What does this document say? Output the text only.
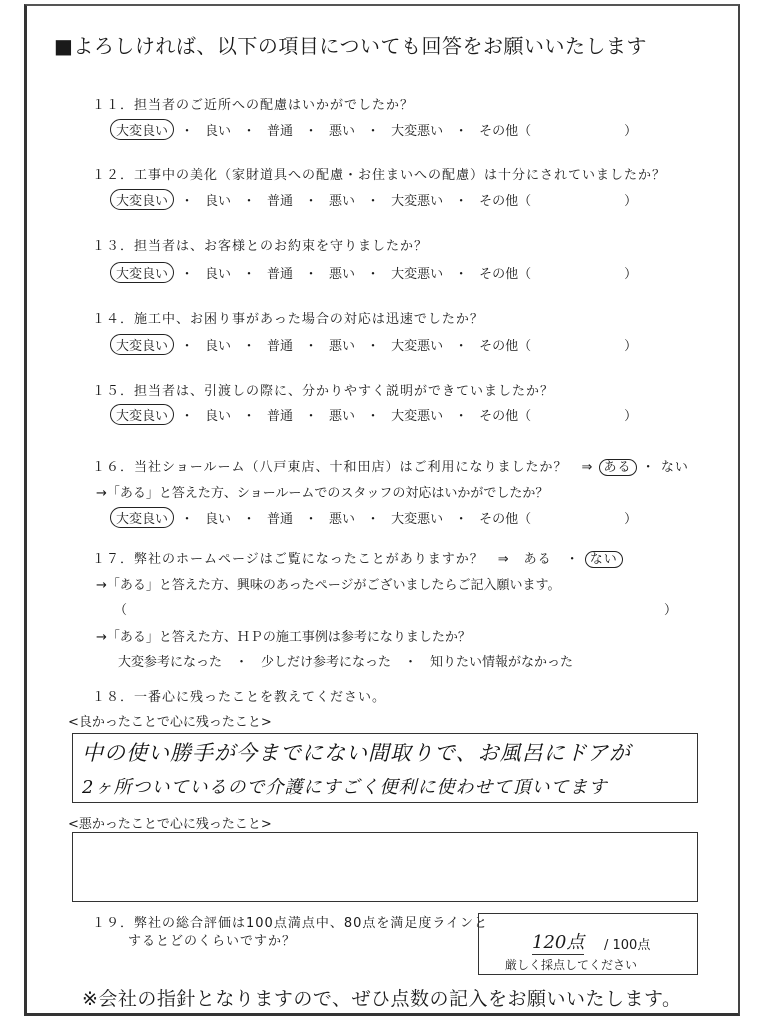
■よろしければ、以下の項目についても回答をお願いいたします
１１．担当者のご近所への配慮はいかがでしたか？
大変良い ・ 良い ・ 普通 ・ 悪い ・ 大変悪い ・ その他（	）
１２．工事中の美化（家財道具への配慮・お住まいへの配慮）は十分にされていましたか？
大変良い ・ 良い ・ 普通 ・ 悪い ・ 大変悪い ・ その他（	）
１３．担当者は、お客様とのお約束を守りましたか？
大変良い ・ 良い ・ 普通 ・ 悪い ・ 大変悪い ・ その他（	）
１４．施工中、お困り事があった場合の対応は迅速でしたか？
大変良い ・ 良い ・ 普通 ・ 悪い ・ 大変悪い ・ その他（	）
１５．担当者は、引渡しの際に、分かりやすく説明ができていましたか？
大変良い ・ 良い ・ 普通 ・ 悪い ・ 大変悪い ・ その他（	）
１６．当社ショールーム（八戸東店、十和田店）はご利用になりましたか？　⇒ ある ・ ない
→「ある」と答えた方、ショールームでのスタッフの対応はいかがでしたか？
大変良い ・ 良い ・ 普通 ・ 悪い ・ 大変悪い ・ その他（	）
１７．弊社のホームページはご覧になったことがありますか？　⇒　ある　・ ない
→「ある」と答えた方、興味のあったページがございましたらご記入願います。
（	）
→「ある」と答えた方、ＨＰの施工事例は参考になりましたか？
大変参考になった　・　少しだけ参考になった　・　知りたい情報がなかった
１８．一番心に残ったことを教えてください。
<良かったことで心に残ったこと>
中の使い勝手が今までにない間取りで、お風呂にドアが
2ヶ所ついているので介護にすごく便利に使わせて頂いてます
<悪かったことで心に残ったこと>
１９．弊社の総合評価は100点満点中、80点を満足度ラインと
するとどのくらいですか？	120点 / 100点
厳しく採点してください
※会社の指針となりますので、ぜひ点数の記入をお願いいたします。
